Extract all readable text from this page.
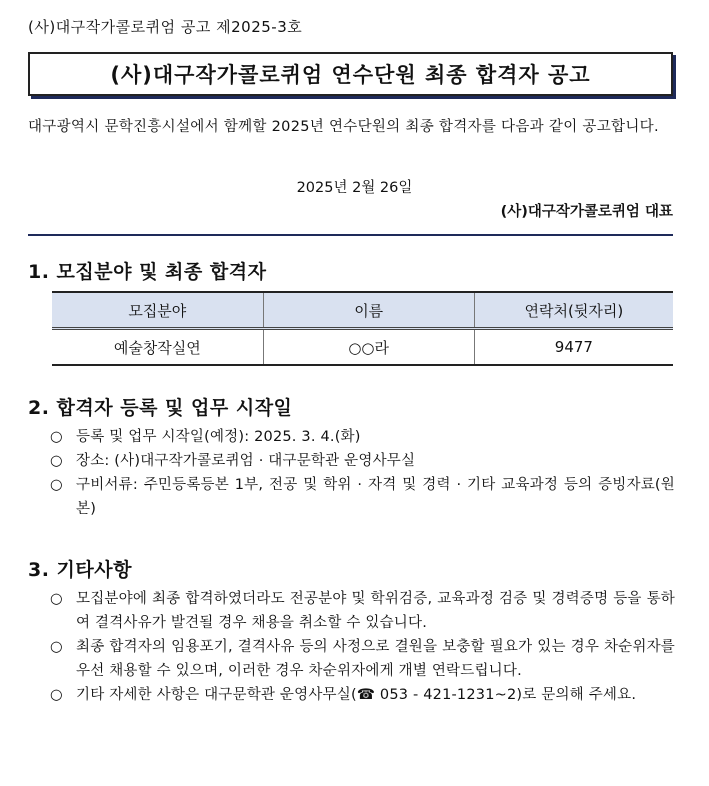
(사)대구작가콜로퀴엄 공고 제2025-3호
(사)대구작가콜로퀴엄 연수단원 최종 합격자 공고
대구광역시 문학진흥시설에서 함께할 2025년 연수단원의 최종 합격자를 다음과 같이 공고합니다.
2025년 2월 26일
(사)대구작가콜로퀴엄 대표
1. 모집분야 및 최종 합격자
모집분야	이름	연락처(뒷자리)
예술창작실연	○○라	9477
2. 합격자 등록 및 업무 시작일
○ 등록 및 업무 시작일(예정): 2025. 3. 4.(화)
○ 장소: (사)대구작가콜로퀴엄 · 대구문학관 운영사무실
○ 구비서류: 주민등록등본 1부, 전공 및 학위 · 자격 및 경력 · 기타 교육과정 등의 증빙자료(원본)
3. 기타사항
○ 모집분야에 최종 합격하였더라도 전공분야 및 학위검증, 교육과정 검증 및 경력증명 등을 통하여 결격사유가 발견될 경우 채용을 취소할 수 있습니다.
○ 최종 합격자의 임용포기, 결격사유 등의 사정으로 결원을 보충할 필요가 있는 경우 차순위자를 우선 채용할 수 있으며, 이러한 경우 차순위자에게 개별 연락드립니다.
○ 기타 자세한 사항은 대구문학관 운영사무실(☎ 053 - 421-1231~2)로 문의해 주세요.
